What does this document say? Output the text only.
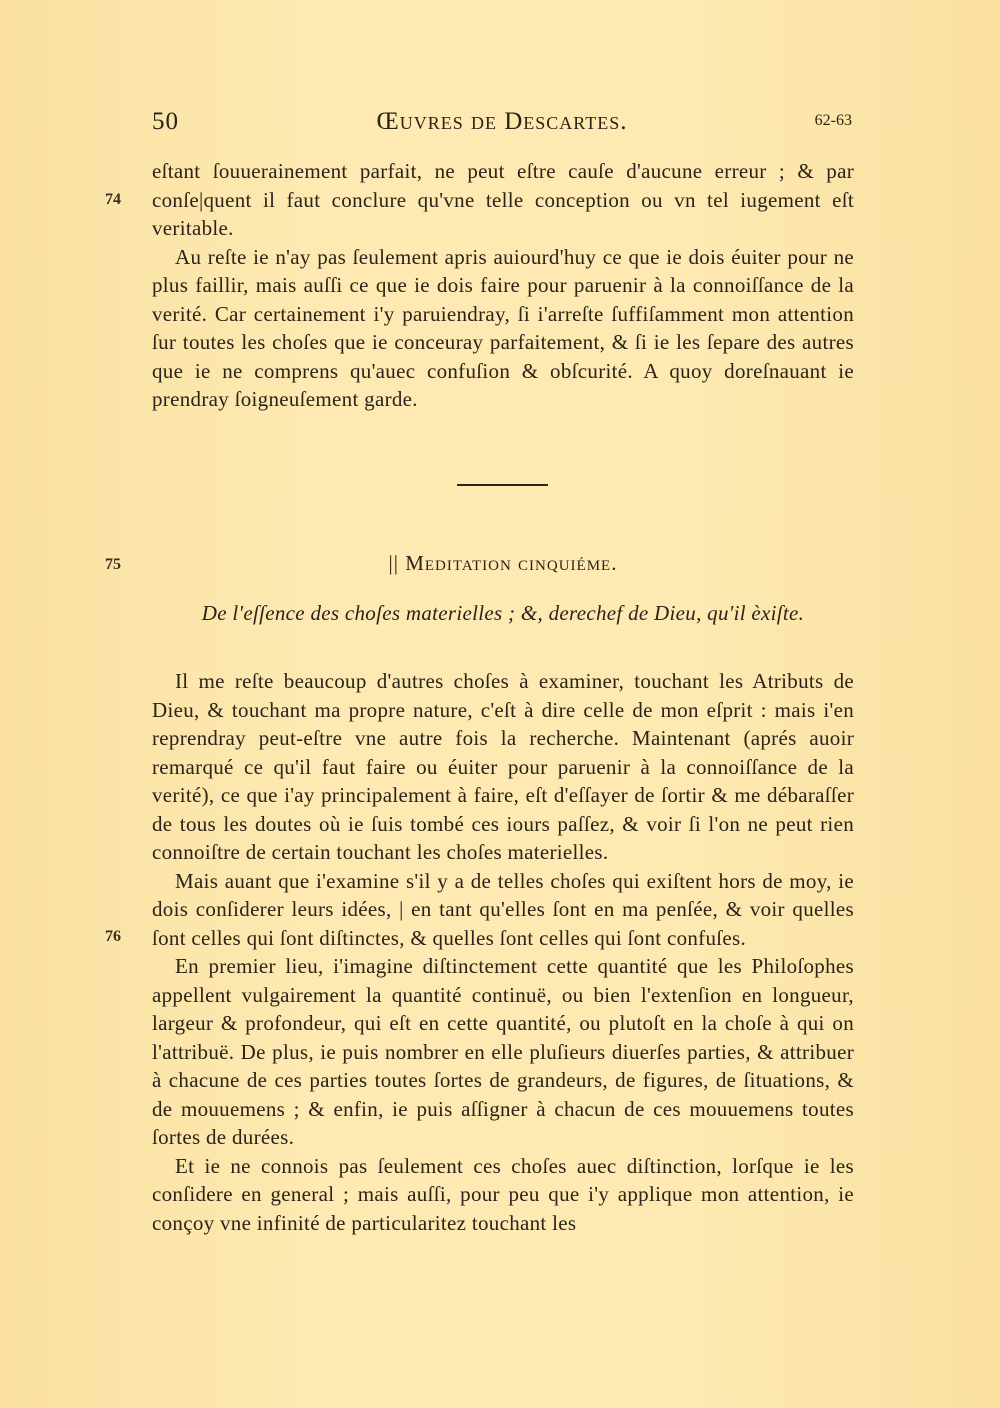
50	Œuvres de Descartes.	62-63

eſtant ſouuerainement parfait, ne peut eſtre cauſe d'aucune erreur ; & par conſe|quent il faut conclure qu'vne telle conception ou vn tel iugement eſt veritable.

Au reſte ie n'ay pas ſeulement apris auiourd'huy ce que ie dois éuiter pour ne plus faillir, mais auſſi ce que ie dois faire pour paruenir à la connoiſſance de la verité. Car certainement i'y paruiendray, ſi i'arreſte ſuffiſamment mon attention ſur toutes les choſes que ie conceuray parfaitement, & ſi ie les ſepare des autres que ie ne comprens qu'auec confuſion & obſcurité. A quoy doreſnauant ie prendray ſoigneuſement garde.

74
75	|| Meditation cinquiéme.
De l'eſſence des choſes materielles ; &, derechef de Dieu, qu'il èxiſte.

Il me reſte beaucoup d'autres choſes à examiner, touchant les Atributs de Dieu, & touchant ma propre nature, c'eſt à dire celle de mon eſprit : mais i'en reprendray peut-eſtre vne autre fois la recherche. Maintenant (aprés auoir remarqué ce qu'il faut faire ou éuiter pour paruenir à la connoiſſance de la verité), ce que i'ay principalement à faire, eſt d'eſſayer de ſortir & me débaraſſer de tous les doutes où ie ſuis tombé ces iours paſſez, & voir ſi l'on ne peut rien connoiſtre de certain touchant les choſes materielles.

Mais auant que i'examine s'il y a de telles choſes qui exiſtent hors de moy, ie dois conſiderer leurs idées, | en tant qu'elles ſont en ma penſée, & voir quelles ſont celles qui ſont diſtinctes, & quelles ſont celles qui ſont confuſes.

En premier lieu, i'imagine diſtinctement cette quantité que les Philoſophes appellent vulgairement la quantité continuë, ou bien l'extenſion en longueur, largeur & profondeur, qui eſt en cette quantité, ou plutoſt en la choſe à qui on l'attribuë. De plus, ie puis nombrer en elle pluſieurs diuerſes parties, & attribuer à chacune de ces parties toutes ſortes de grandeurs, de figures, de ſituations, & de mouuemens ; & enfin, ie puis aſſigner à chacun de ces mouuemens toutes ſortes de durées.

Et ie ne connois pas ſeulement ces choſes auec diſtinction, lorſque ie les conſidere en general ; mais auſſi, pour peu que i'y applique mon attention, ie conçoy vne infinité de particularitez touchant les

76
